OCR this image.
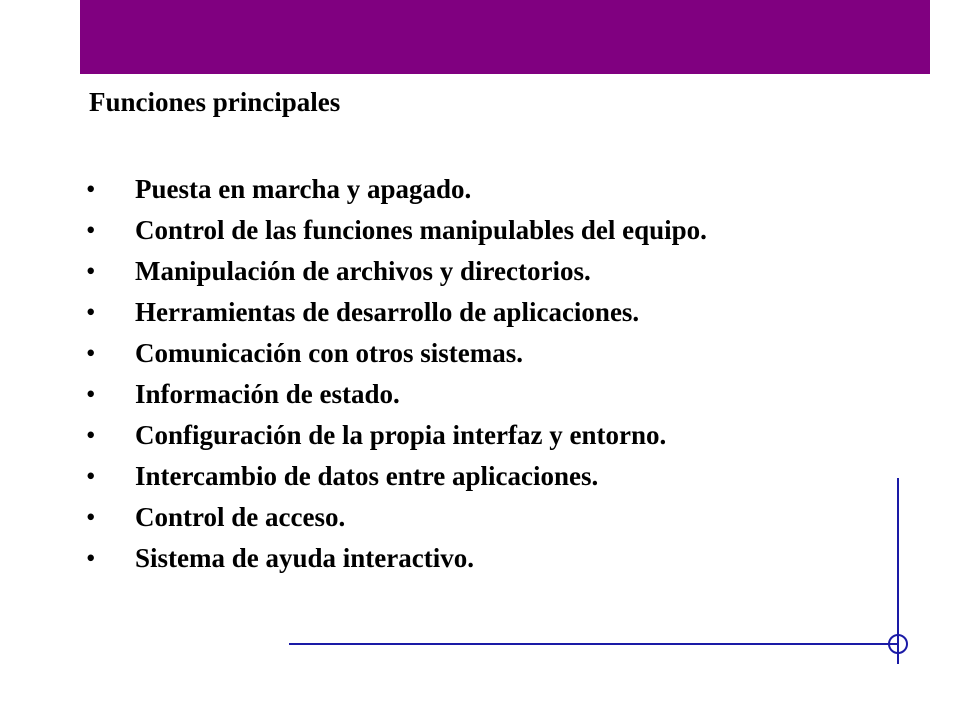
Funciones principales
•	Puesta en marcha y apagado.
•	Control de las funciones manipulables del equipo.
•	Manipulación de archivos y directorios.
•	Herramientas de desarrollo de aplicaciones.
•	Comunicación con otros sistemas.
•	Información de estado.
•	Configuración de la propia interfaz y entorno.
•	Intercambio de datos entre aplicaciones.
•	Control de acceso.
•	Sistema de ayuda interactivo.
